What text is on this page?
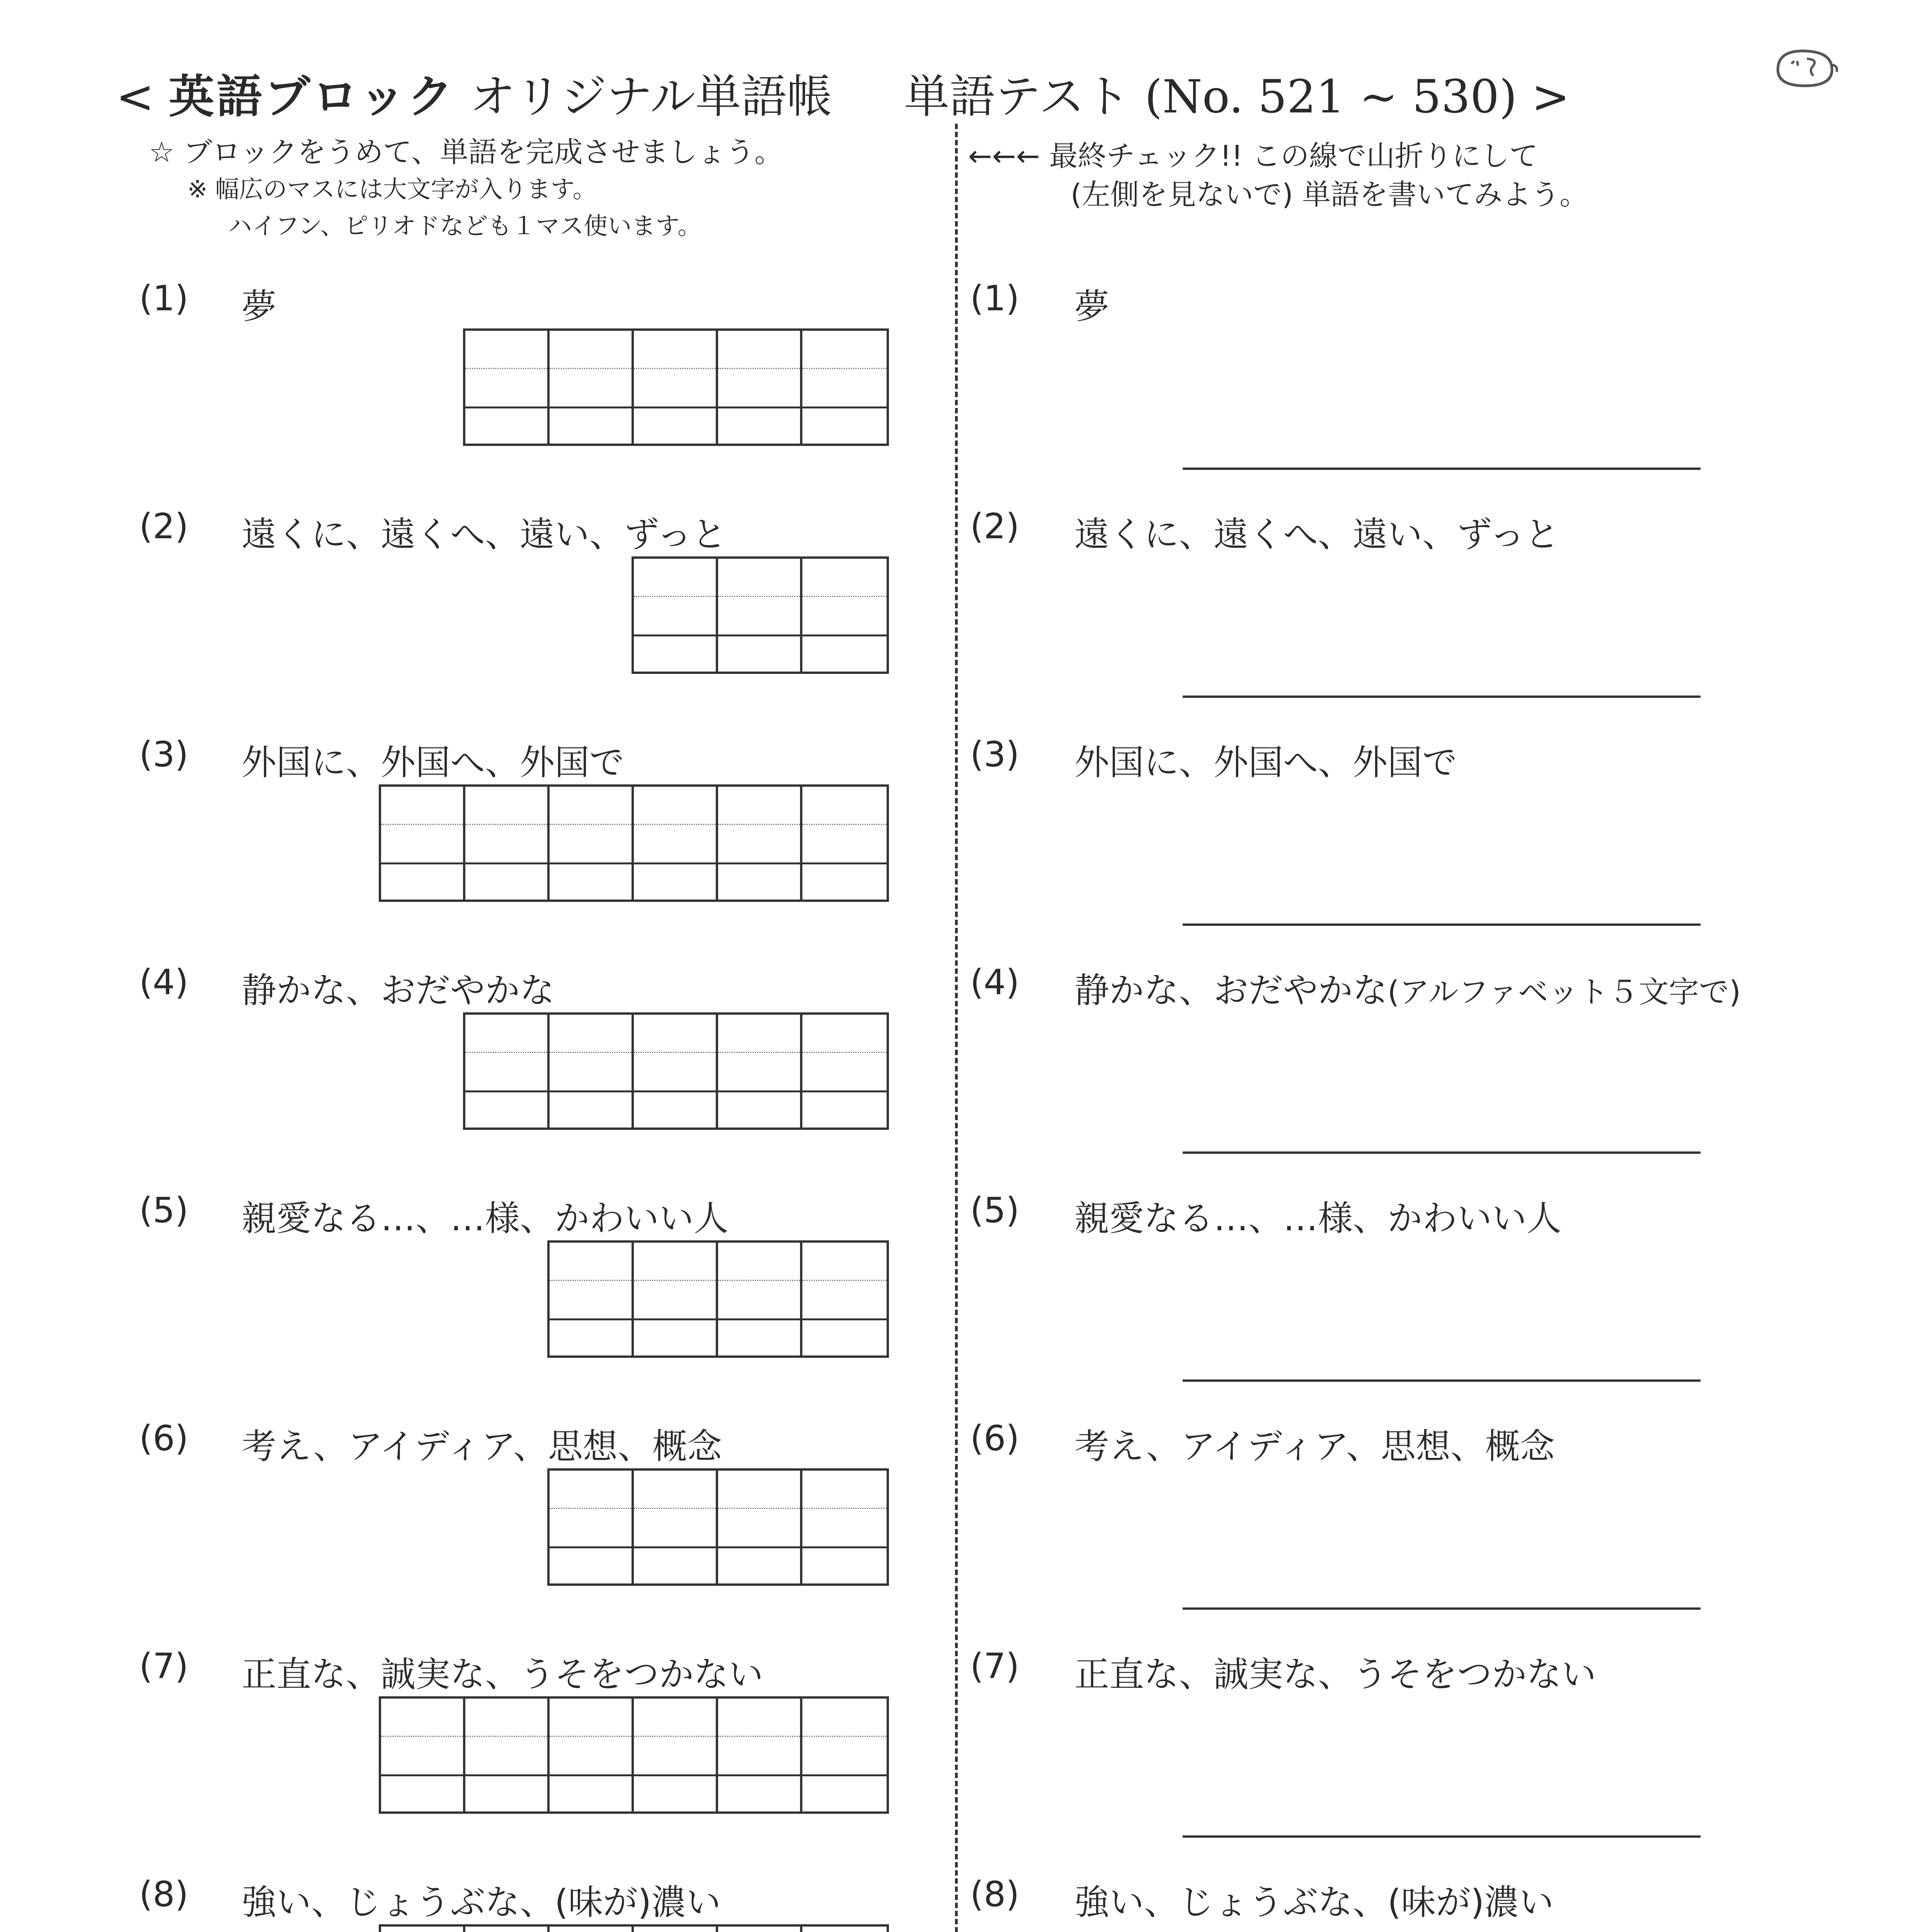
< 英語ブロック オリジナル単語帳 単語テスト (No. 521 ~ 530) >
☆ ブロックをうめて、単語を完成させましょう。
※ 幅広のマスには大文字が入ります。
ハイフン、ピリオドなども１マス使います。
←←← 最終チェック!! この線で山折りにして
(左側を見ないで) 単語を書いてみよう。
(1) 夢	(1) 夢
(2) 遠くに、遠くへ、遠い、ずっと	(2) 遠くに、遠くへ、遠い、ずっと
(3) 外国に、外国へ、外国で	(3) 外国に、外国へ、外国で
(4) 静かな、おだやかな	(4) 静かな、おだやかな(アルファベット５文字で)
(5) 親愛なる…、…様、かわいい人	(5) 親愛なる…、…様、かわいい人
(6) 考え、アイディア、思想、概念	(6) 考え、アイディア、思想、概念
(7) 正直な、誠実な、うそをつかない	(7) 正直な、誠実な、うそをつかない
(8) 強い、じょうぶな、(味が)濃い	(8) 強い、じょうぶな、(味が)濃い
